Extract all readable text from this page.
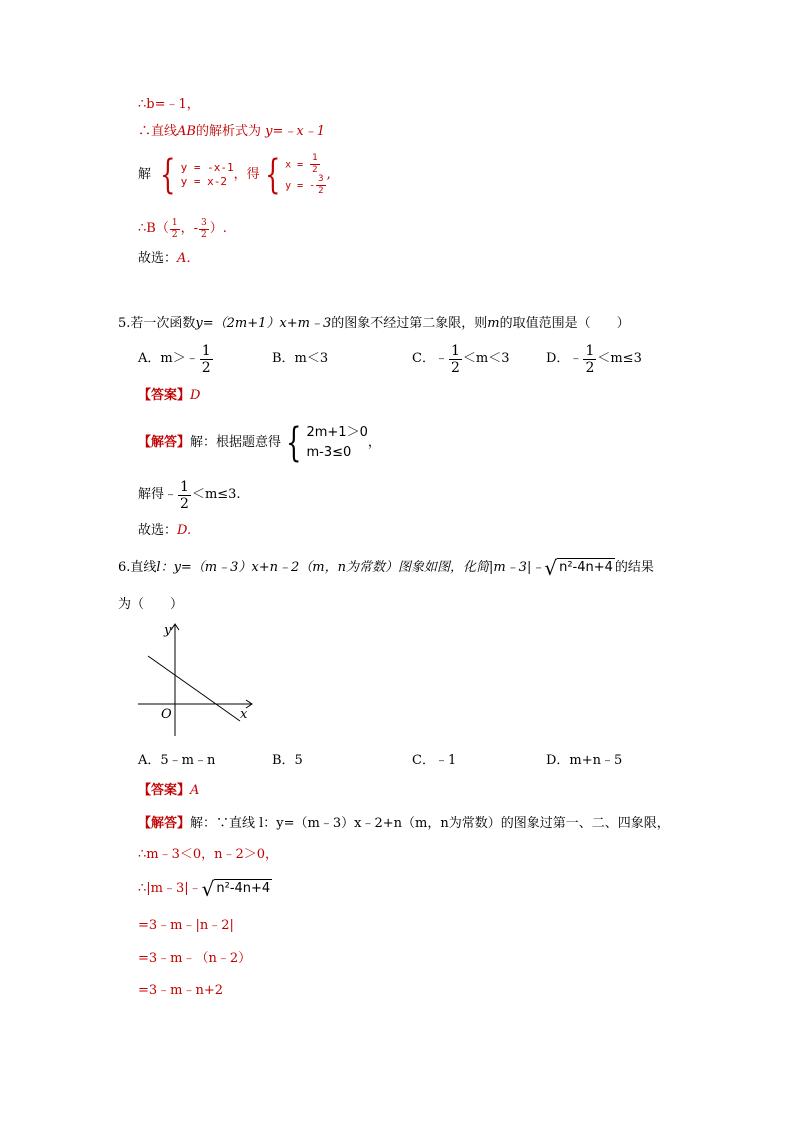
∴b=﹣1，
∴直线AB的解析式为 y=﹣x﹣1
解
{ y = -x-1
y = x-2 ，得 { $x = \frac{1}{2}$
y = - $\frac{3}{2}$
,
∴B（ $\frac{1}{2}$ ，- $\frac{3}{2}$ ）.
故选：A．
5.若一次函数y=（2m+1）x+m﹣3的图象不经过第二象限，则m的取值范围是（　　）
A．m＞﹣ $\frac{1}{2}$	B．m＜3	C．﹣ $\frac{1}{2} <m<3$	D．﹣ $\frac{1}{2} <m\le 3$
【答案】D
【解答】 解：根据题意得 { 2m+1＞0
m-3≤0
，
解得﹣ $\frac{1}{2} <m\le 3$.
故选：D.
6.直线 l：y=（m﹣3）x+n﹣2（m，n为常数）图象如图，化简|m﹣3|﹣ √ n²-4n+4 的结果
为（　　）
y
x
O
A．5﹣m﹣n	B．5	C．﹣1	D．m+n﹣5
【答案】A
【解答】解：∵直线 l：y=（m﹣3）x﹣2+n（m，n为常数）的图象过第一、二、四象限，
∴m﹣3＜0，n﹣2＞0，
∴|m﹣3|﹣ √ n²-4n+4
=3﹣m﹣|n﹣2|
=3﹣m﹣（n﹣2）
=3﹣m﹣n+2
